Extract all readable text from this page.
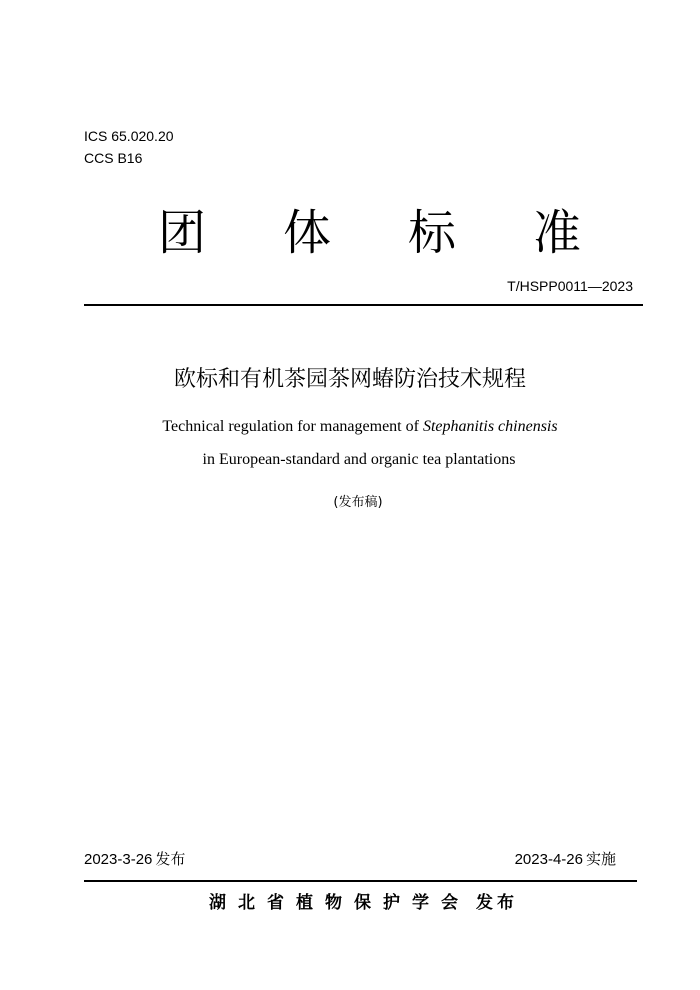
ICS 65.020.20
CCS B16
团 体 标 准
T/HSPP0011—2023
欧标和有机茶园茶网蝽防治技术规程
Technical regulation for management of Stephanitis chinensis
in European-standard and organic tea plantations
(发布稿)
2023-3-26 发布	2023-4-26 实施
湖北省植物保护学会 发布
